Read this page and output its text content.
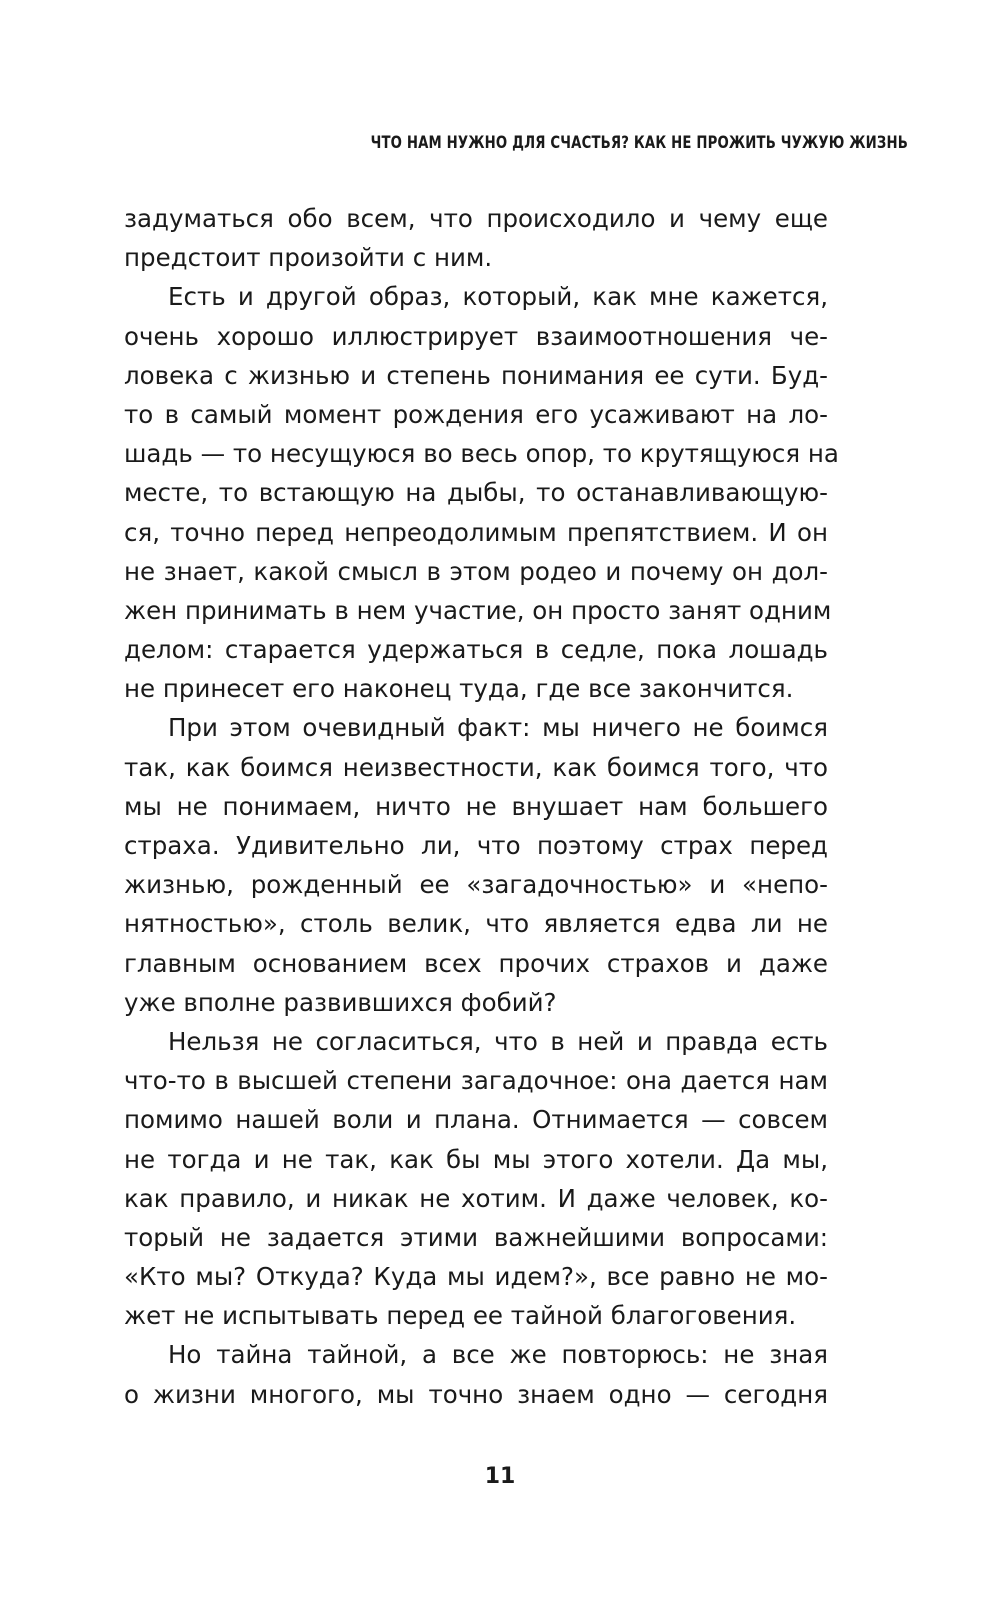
ЧТО НАМ НУЖНО ДЛЯ СЧАСТЬЯ? КАК НЕ ПРОЖИТЬ ЧУЖУЮ ЖИЗНЬ
задуматься обо всем, что происходило и чему еще
предстоит произойти с ним.
Есть и другой образ, который, как мне кажется,
очень хорошо иллюстрирует взаимоотношения че-
ловека с жизнью и степень понимания ее сути. Буд-
то в самый момент рождения его усаживают на ло-
шадь — то несущуюся во весь опор, то крутящуюся на
месте, то встающую на дыбы, то останавливающую-
ся, точно перед непреодолимым препятствием. И он
не знает, какой смысл в этом родео и почему он дол-
жен принимать в нем участие, он просто занят одним
делом: старается удержаться в седле, пока лошадь
не принесет его наконец туда, где все закончится.
При этом очевидный факт: мы ничего не боимся
так, как боимся неизвестности, как боимся того, что
мы не понимаем, ничто не внушает нам большего
страха. Удивительно ли, что поэтому страх перед
жизнью, рожденный ее «загадочностью» и «непо-
нятностью», столь велик, что является едва ли не
главным основанием всех прочих страхов и даже
уже вполне развившихся фобий?
Нельзя не согласиться, что в ней и правда есть
что-то в высшей степени загадочное: она дается нам
помимо нашей воли и плана. Отнимается — совсем
не тогда и не так, как бы мы этого хотели. Да мы,
как правило, и никак не хотим. И даже человек, ко-
торый не задается этими важнейшими вопросами:
«Кто мы? Откуда? Куда мы идем?», все равно не мо-
жет не испытывать перед ее тайной благоговения.
Но тайна тайной, а все же повторюсь: не зная
о жизни многого, мы точно знаем одно — сегодня
11
